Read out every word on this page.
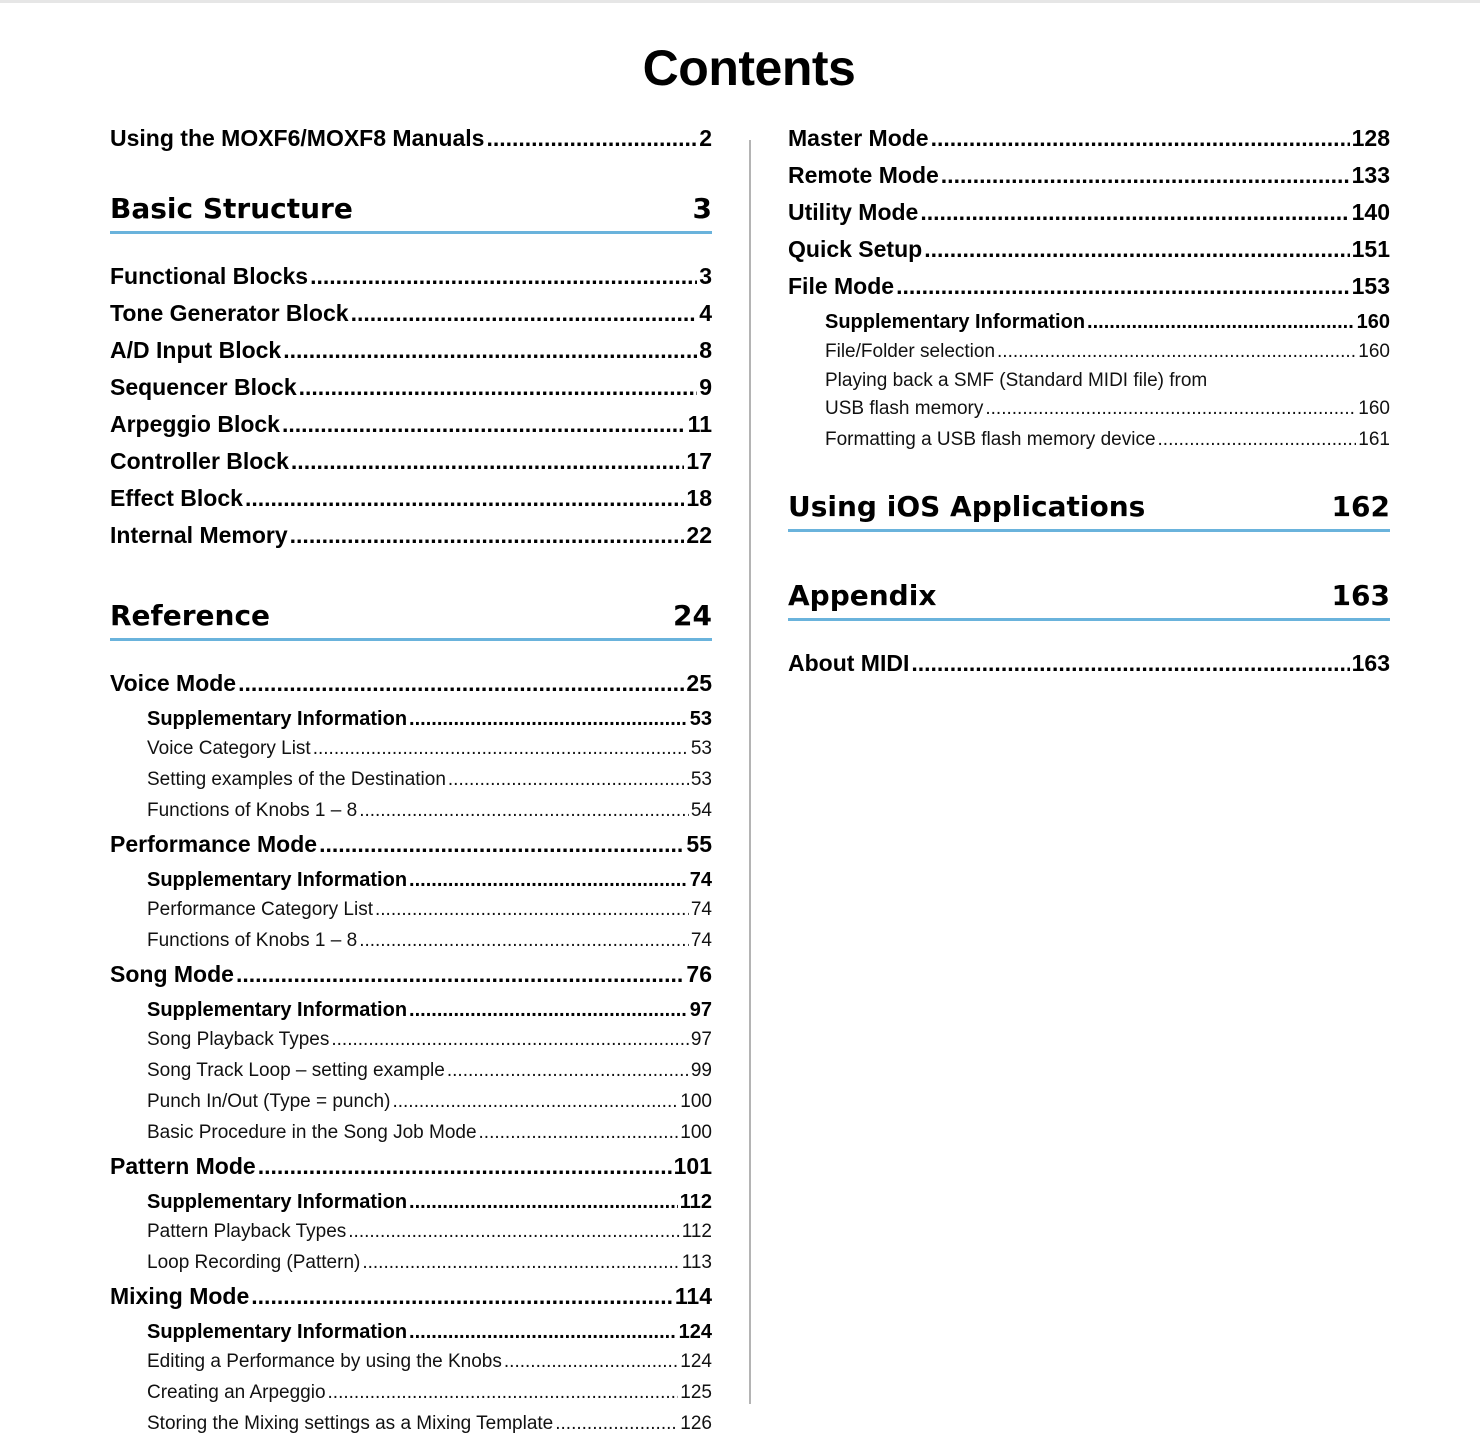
Contents
Using the MOXF6/MOXF8 Manuals .....	2
Basic Structure	3
Functional Blocks .....	3
Tone Generator Block .....	4
A/D Input Block .....	8
Sequencer Block .....	9
Arpeggio Block .....	11
Controller Block .....	17
Effect Block .....	18
Internal Memory .....	22
Reference	24
Voice Mode .....	25
Supplementary Information .....	53
Voice Category List .....	53
Setting examples of the Destination .....	53
Functions of Knobs 1 – 8 .....	54
Performance Mode .....	55
Supplementary Information .....	74
Performance Category List .....	74
Functions of Knobs 1 – 8 .....	74
Song Mode .....	76
Supplementary Information .....	97
Song Playback Types .....	97
Song Track Loop – setting example .....	99
Punch In/Out (Type = punch) .....	100
Basic Procedure in the Song Job Mode .....	100
Pattern Mode .....	101
Supplementary Information .....	112
Pattern Playback Types .....	112
Loop Recording (Pattern) .....	113
Mixing Mode .....	114
Supplementary Information .....	124
Editing a Performance by using the Knobs .....	124
Creating an Arpeggio .....	125
Storing the Mixing settings as a Mixing Template .....	126
Master Mode .....	128
Remote Mode .....	133
Utility Mode .....	140
Quick Setup .....	151
File Mode .....	153
Supplementary Information .....	160
File/Folder selection .....	160
Playing back a SMF (Standard MIDI file) from
USB flash memory .....	160
Formatting a USB flash memory device .....	161
Using iOS Applications	162
Appendix	163
About MIDI .....	163
